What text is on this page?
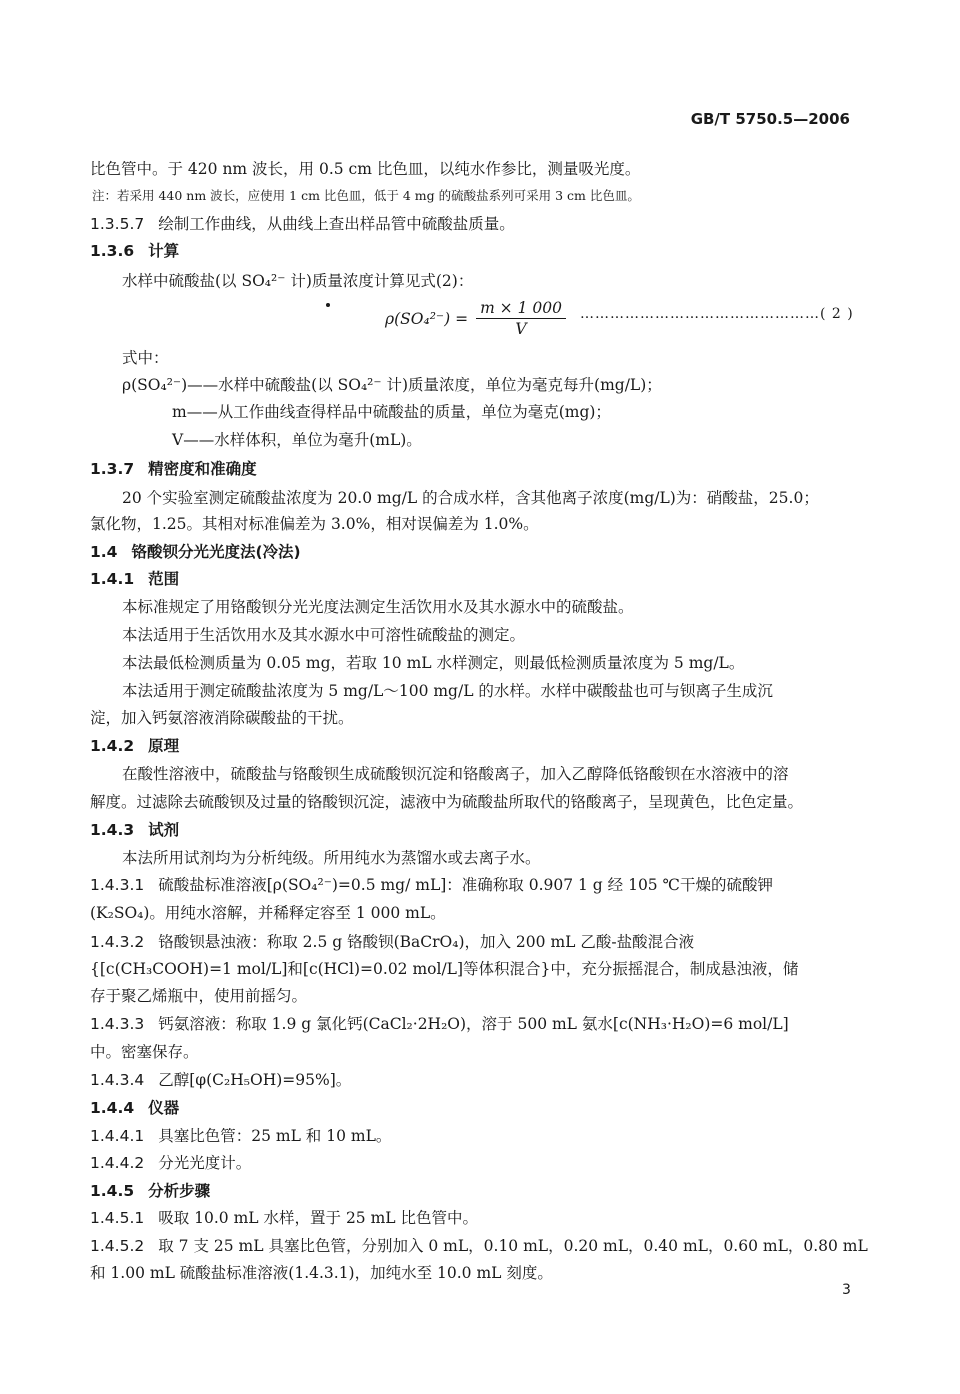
GB/T 5750.5—2006
比色管中。于 420 nm 波长，用 0.5 cm 比色皿，以纯水作参比，测量吸光度。
注：若采用 440 nm 波长，应使用 1 cm 比色皿，低于 4 mg 的硫酸盐系列可采用 3 cm 比色皿。
1.3.5.7 绘制工作曲线，从曲线上查出样品管中硫酸盐质量。
1.3.6 计算
水样中硫酸盐(以 SO₄²⁻ 计)质量浓度计算见式(2)：
$\rho(SO_4^{2-}) = \frac{m \times 1 000}{V}$ …………………………………………( 2 )
式中：
ρ(SO₄²⁻)——水样中硫酸盐(以 SO₄²⁻ 计)质量浓度，单位为毫克每升(mg/L)；
m——从工作曲线查得样品中硫酸盐的质量，单位为毫克(mg)；
V——水样体积，单位为毫升(mL)。
1.3.7 精密度和准确度
20 个实验室测定硫酸盐浓度为 20.0 mg/L 的合成水样，含其他离子浓度(mg/L)为：硝酸盐，25.0；
氯化物，1.25。其相对标准偏差为 3.0%，相对误偏差为 1.0%。
1.4 铬酸钡分光光度法(冷法)
1.4.1 范围
本标准规定了用铬酸钡分光光度法测定生活饮用水及其水源水中的硫酸盐。
本法适用于生活饮用水及其水源水中可溶性硫酸盐的测定。
本法最低检测质量为 0.05 mg，若取 10 mL 水样测定，则最低检测质量浓度为 5 mg/L。
本法适用于测定硫酸盐浓度为 5 mg/L～100 mg/L 的水样。水样中碳酸盐也可与钡离子生成沉
淀，加入钙氨溶液消除碳酸盐的干扰。
1.4.2 原理
在酸性溶液中，硫酸盐与铬酸钡生成硫酸钡沉淀和铬酸离子，加入乙醇降低铬酸钡在水溶液中的溶
解度。过滤除去硫酸钡及过量的铬酸钡沉淀，滤液中为硫酸盐所取代的铬酸离子，呈现黄色，比色定量。
1.4.3 试剂
本法所用试剂均为分析纯级。所用纯水为蒸馏水或去离子水。
1.4.3.1 硫酸盐标准溶液[ρ(SO₄²⁻)=0.5 mg/ mL]：准确称取 0.907 1 g 经 105 ℃干燥的硫酸钾
(K₂SO₄)。用纯水溶解，并稀释定容至 1 000 mL。
1.4.3.2 铬酸钡悬浊液：称取 2.5 g 铬酸钡(BaCrO₄)，加入 200 mL 乙酸-盐酸混合液
{[c(CH₃COOH)=1 mol/L]和[c(HCl)=0.02 mol/L]等体积混合}中，充分振摇混合，制成悬浊液，储
存于聚乙烯瓶中，使用前摇匀。
1.4.3.3 钙氨溶液：称取 1.9 g 氯化钙(CaCl₂·2H₂O)，溶于 500 mL 氨水[c(NH₃·H₂O)=6 mol/L]
中。密塞保存。
1.4.3.4 乙醇[φ(C₂H₅OH)=95%]。
1.4.4 仪器
1.4.4.1 具塞比色管：25 mL 和 10 mL。
1.4.4.2 分光光度计。
1.4.5 分析步骤
1.4.5.1 吸取 10.0 mL 水样，置于 25 mL 比色管中。
1.4.5.2 取 7 支 25 mL 具塞比色管，分别加入 0 mL，0.10 mL，0.20 mL，0.40 mL，0.60 mL，0.80 mL
和 1.00 mL 硫酸盐标准溶液(1.4.3.1)，加纯水至 10.0 mL 刻度。
3
